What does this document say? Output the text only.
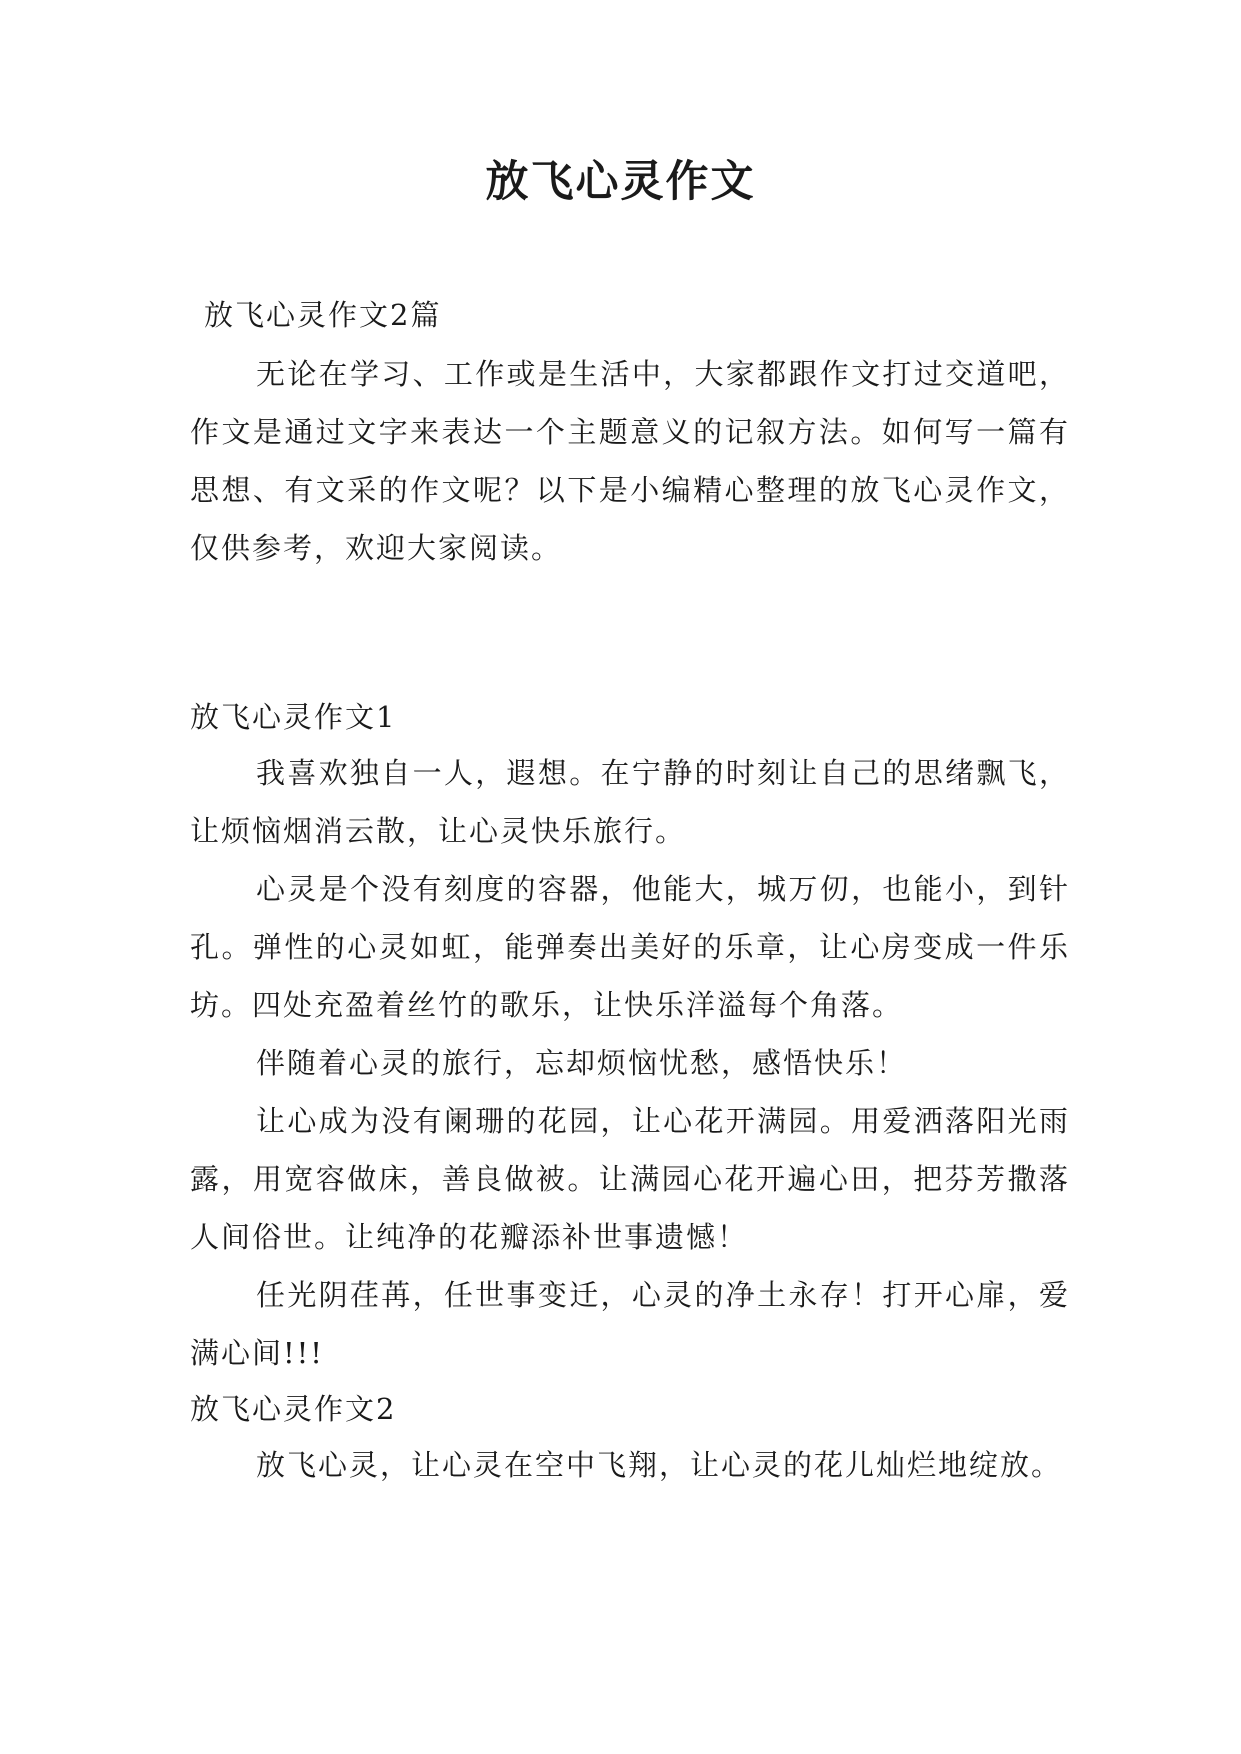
放飞心灵作文
放飞心灵作文2篇
无论在学习、工作或是生活中，大家都跟作文打过交道吧，作文是通过文字来表达一个主题意义的记叙方法。如何写一篇有思想、有文采的作文呢？以下是小编精心整理的放飞心灵作文，仅供参考，欢迎大家阅读。

放飞心灵作文1

我喜欢独自一人，遐想。在宁静的时刻让自己的思绪飘飞，让烦恼烟消云散，让心灵快乐旅行。

心灵是个没有刻度的容器，他能大，城万仞，也能小，到针孔。弹性的心灵如虹，能弹奏出美好的乐章，让心房变成一件乐坊。四处充盈着丝竹的歌乐，让快乐洋溢每个角落。

伴随着心灵的旅行，忘却烦恼忧愁，感悟快乐！

让心成为没有阑珊的花园，让心花开满园。用爱洒落阳光雨露，用宽容做床，善良做被。让满园心花开遍心田，把芬芳撒落人间俗世。让纯净的花瓣添补世事遗憾！

任光阴荏苒，任世事变迁，心灵的净土永存！打开心扉，爱满心间!!!

放飞心灵作文2

放飞心灵，让心灵在空中飞翔，让心灵的花儿灿烂地绽放。
